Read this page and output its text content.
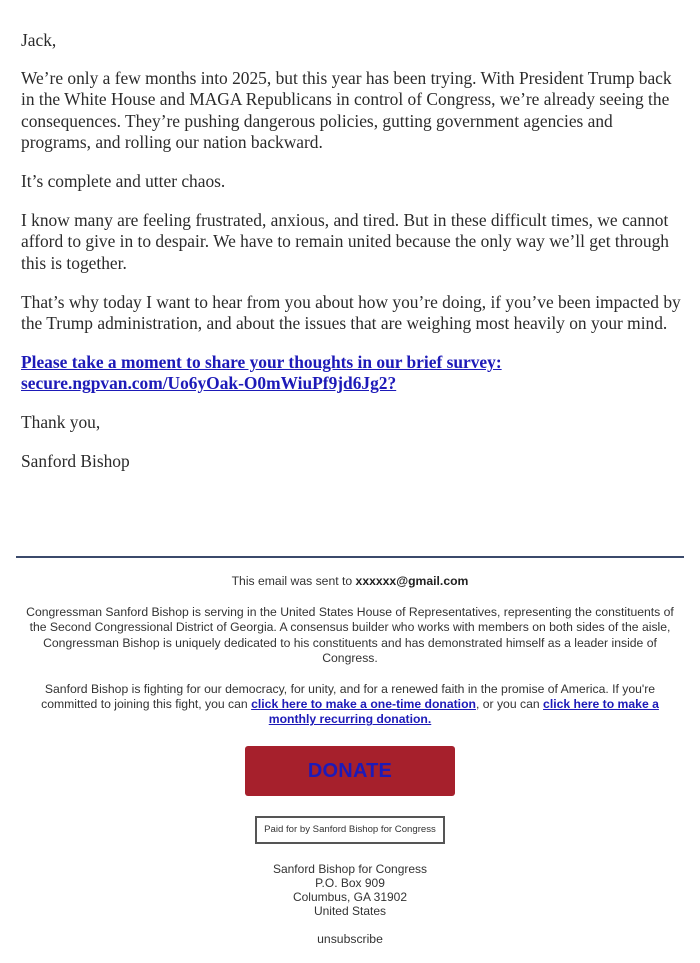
Jack,

We’re only a few months into 2025, but this year has been trying. With President Trump back in the White House and MAGA Republicans in control of Congress, we’re already seeing the consequences. They’re pushing dangerous policies, gutting government agencies and programs, and rolling our nation backward.

It’s complete and utter chaos.

I know many are feeling frustrated, anxious, and tired. But in these difficult times, we cannot afford to give in to despair. We have to remain united because the only way we’ll get through this is together.

That’s why today I want to hear from you about how you’re doing, if you’ve been impacted by the Trump administration, and about the issues that are weighing most heavily on your mind.

Please take a moment to share your thoughts in our brief survey:
secure.ngpvan.com/Uo6yOak-O0mWiuPf9jd6Jg2?

Thank you,

Sanford Bishop

This email was sent to xxxxxx@gmail.com

Congressman Sanford Bishop is serving in the United States House of Representatives, representing the constituents of the Second Congressional District of Georgia. A consensus builder who works with members on both sides of the aisle, Congressman Bishop is uniquely dedicated to his constituents and has demonstrated himself as a leader inside of Congress.

Sanford Bishop is fighting for our democracy, for unity, and for a renewed faith in the promise of America. If you're committed to joining this fight, you can click here to make a one-time donation, or you can click here to make a monthly recurring donation.

DONATE
Paid for by Sanford Bishop for Congress
Sanford Bishop for Congress
P.O. Box 909
Columbus, GA 31902
United States
unsubscribe
